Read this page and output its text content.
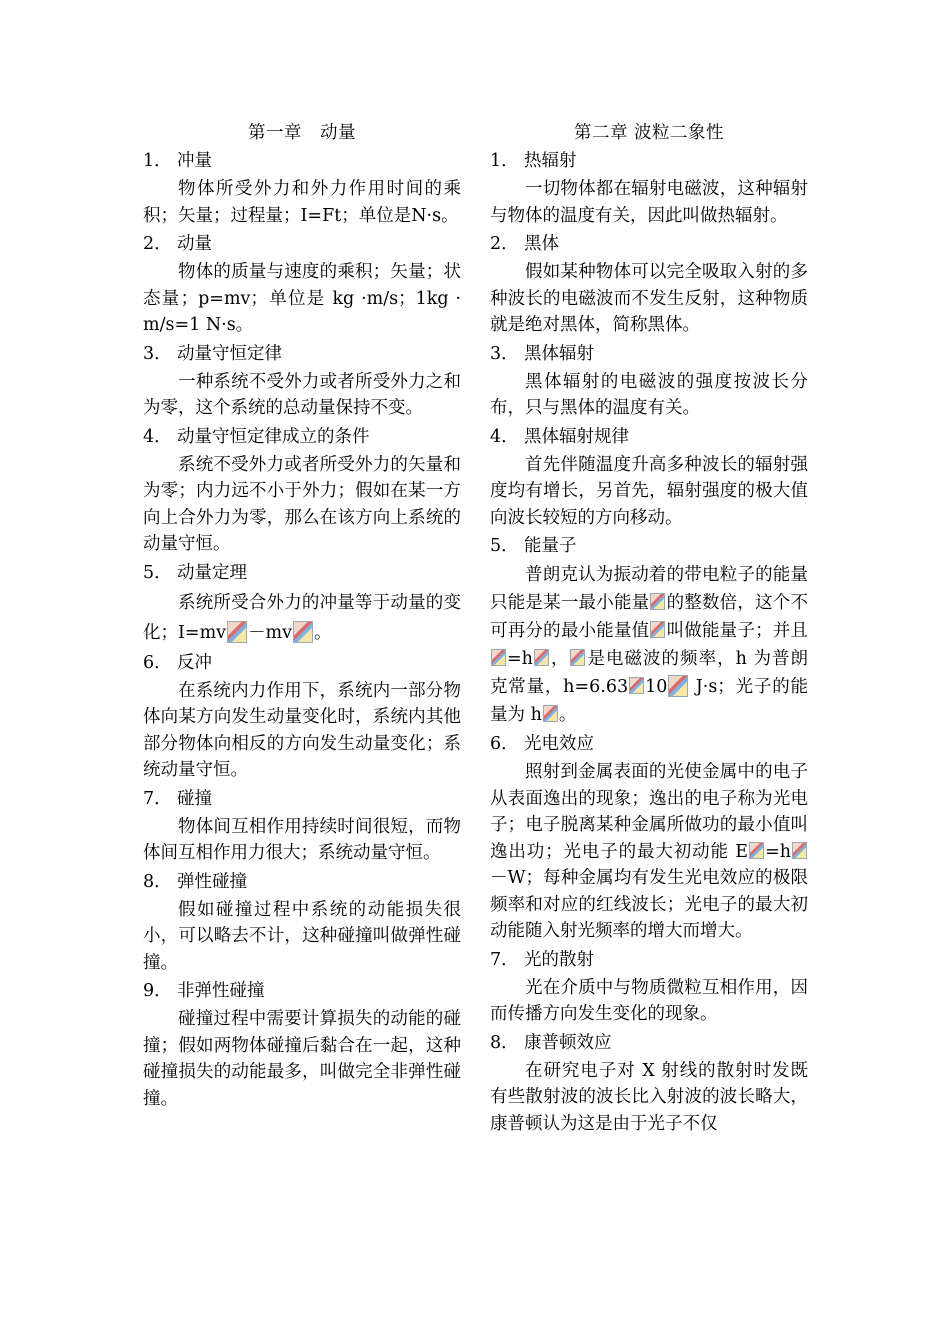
第一章　动量
1． 冲量

物体所受外力和外力作用时间的乘积；矢量；过程量；I=Ft；单位是N·s。

2． 动量

物体的质量与速度的乘积；矢量；状态量；p=mv；单位是 kg ·m/s；1kg ·m/s=1 N·s。

3． 动量守恒定律

一种系统不受外力或者所受外力之和为零，这个系统的总动量保持不变。

4． 动量守恒定律成立的条件

系统不受外力或者所受外力的矢量和为零；内力远不小于外力；假如在某一方向上合外力为零，那么在该方向上系统的动量守恒。

5． 动量定理

系统所受合外力的冲量等于动量的变化；I=mv －mv 。

6． 反冲

在系统内力作用下，系统内一部分物体向某方向发生动量变化时，系统内其他部分物体向相反的方向发生动量变化；系统动量守恒。

7． 碰撞

物体间互相作用持续时间很短，而物体间互相作用力很大；系统动量守恒。

8． 弹性碰撞

假如碰撞过程中系统的动能损失很小，可以略去不计，这种碰撞叫做弹性碰撞。

9． 非弹性碰撞

碰撞过程中需要计算损失的动能的碰撞；假如两物体碰撞后黏合在一起，这种碰撞损失的动能最多，叫做完全非弹性碰撞。

第二章 波粒二象性
1． 热辐射

一切物体都在辐射电磁波，这种辐射与物体的温度有关，因此叫做热辐射。

2． 黑体

假如某种物体可以完全吸取入射的多种波长的电磁波而不发生反射，这种物质就是绝对黑体，简称黑体。

3． 黑体辐射

黑体辐射的电磁波的强度按波长分布，只与黑体的温度有关。

4． 黑体辐射规律

首先伴随温度升高多种波长的辐射强度均有增长，另首先，辐射强度的极大值向波长较短的方向移动。

5． 能量子

普朗克认为振动着的带电粒子的能量只能是某一最小能量 的整数倍，这个不可再分的最小能量值 叫做能量子；并且=h ， 是电磁波的频率，h 为普朗克常量，h=6.63 10 J·s；光子的能量为 h 。

6． 光电效应

照射到金属表面的光使金属中的电子从表面逸出的现象；逸出的电子称为光电子；电子脱离某种金属所做功的最小值叫逸出功；光电子的最大初动能 E =h－W；每种金属均有发生光电效应的极限频率和对应的红线波长；光电子的最大初动能随入射光频率的增大而增大。

7． 光的散射

光在介质中与物质微粒互相作用，因而传播方向发生变化的现象。

8． 康普顿效应

在研究电子对 X 射线的散射时发既有些散射波的波长比入射波的波长略大，康普顿认为这是由于光子不仅
